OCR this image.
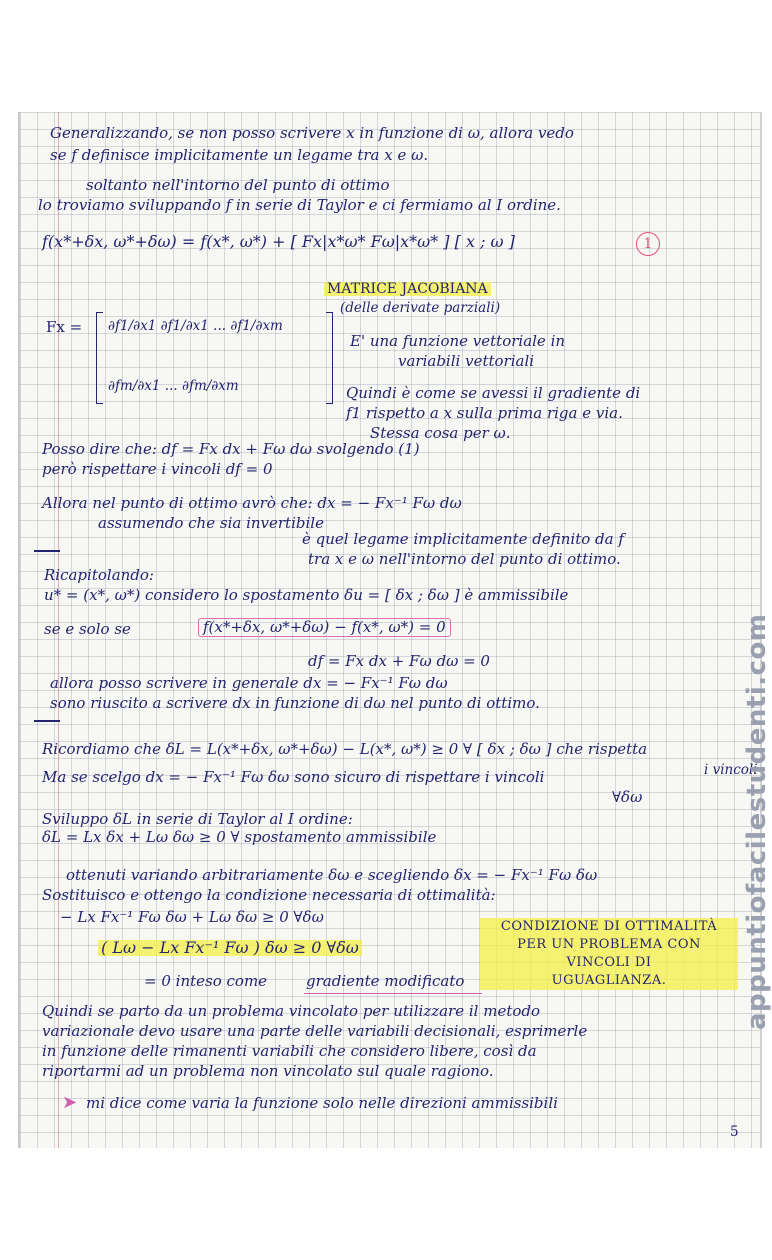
Generalizzando, se non posso scrivere x in funzione di ω, allora vedo
se f definisce implicitamente un legame tra x e ω.
soltanto nell'intorno del punto di ottimo
lo troviamo sviluppando f in serie di Taylor e ci fermiamo al I ordine.
f(x*+δx, ω*+δω) = f(x*, ω*) + [ Fx|x*ω* Fω|x*ω* ] [ x ; ω ]	1
MATRICE JACOBIANA
(delle derivate parziali)
Fx = ∂f1/∂x1 ∂f1/∂x1 ... ∂f1/∂xm
∂fm/∂x1 ... ∂fm/∂xm
E' una funzione vettoriale in
variabili vettoriali
Quindi è come se avessi il gradiente di
f1 rispetto a x sulla prima riga e via.
Stessa cosa per ω.
Posso dire che: df = Fx dx + Fω dω svolgendo (1)
però rispettare i vincoli df = 0
Allora nel punto di ottimo avrò che: dx = − Fx⁻¹ Fω dω
assumendo che sia invertibile
è quel legame implicitamente definito da f
tra x e ω nell'intorno del punto di ottimo.
Ricapitolando:
u* = (x*, ω*) considero lo spostamento δu = [ δx ; δω ] è ammissibile
se e solo se	f(x*+δx, ω*+δω) − f(x*, ω*) = 0
df = Fx dx + Fω dω = 0
allora posso scrivere in generale dx = − Fx⁻¹ Fω dω
sono riuscito a scrivere dx in funzione di dω nel punto di ottimo.
Ricordiamo che δL = L(x*+δx, ω*+δω) − L(x*, ω*) ≥ 0 ∀ [ δx ; δω ] che rispetta
i vincoli
Ma se scelgo dx = − Fx⁻¹ Fω δω sono sicuro di rispettare i vincoli
∀δω
Sviluppo δL in serie di Taylor al I ordine:
δL = Lx δx + Lω δω ≥ 0 ∀ spostamento ammissibile
ottenuti variando arbitrariamente δω e scegliendo δx = − Fx⁻¹ Fω δω
Sostituisco e ottengo la condizione necessaria di ottimalità:
− Lx Fx⁻¹ Fω δω + Lω δω ≥ 0 ∀δω
( Lω − Lx Fx⁻¹ Fω ) δω ≥ 0 ∀δω
= 0 inteso come	gradiente modificato
Quindi se parto da un problema vincolato per utilizzare il metodo
variazionale devo usare una parte delle variabili decisionali, esprimerle
in funzione delle rimanenti variabili che considero libere, così da
riportarmi ad un problema non vincolato sul quale ragiono.
➤ mi dice come varia la funzione solo nelle direzioni ammissibili
5
CONDIZIONE DI OTTIMALITÀ
PER UN PROBLEMA CON
VINCOLI DI
UGUAGLIANZA.	appuntiofacilestudenti.com
